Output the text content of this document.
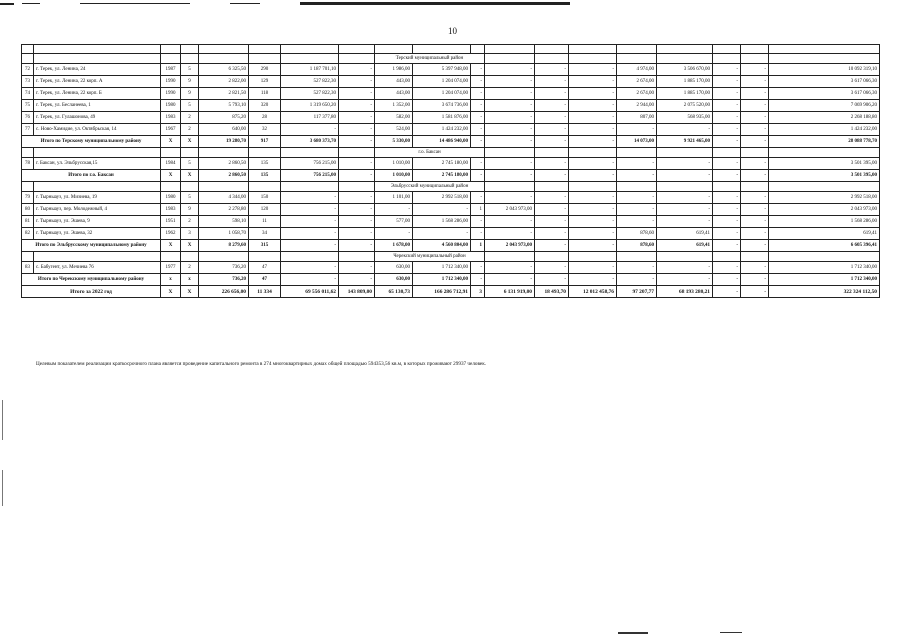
10

								Терский муниципальный район										
72	г. Терек, ул. Ленина, 24	1987	5	6 325,50	290	1 187 701,10	-	1 986,00	5 397 948,00	-	-	-	-	4 974,00	3 506 670,00	-	-	10 092 319,10
73	г. Терек, ул. Ленина, 22 корп. А	1990	9	2 822,00	129	527 822,30	-	443,00	1 204 074,00	-	-	-	-	2 674,00	1 885 170,00	-	-	3 617 066,30
74	г. Терек, ул. Ленина, 22 корп. Б	1990	9	2 821,50	118	527 822,30	-	443,00	1 204 074,00	-	-	-	-	2 674,00	1 885 170,00	-	-	3 617 066,30
75	г. Терек, ул. Бесланеева, 1	1980	5	5 793,10	320	1 319 650,20	-	1 352,00	3 674 736,00	-	-	-	-	2 944,00	2 075 520,00	-	-	7 069 906,20
76	г. Терек, ул. Гулашонова, 49	1983	2	875,20	28	117 377,80	-	582,00	1 581 876,00	-	-	-	-	807,00	568 935,00	-	-	2 268 188,80
77	с. Ново-Хамидие, ул. Октябрьская, 14	1967	2	640,00	32	-	-	524,00	1 424 232,00	-	-	-	-	-	-	-	-	1 424 232,00
Итого по Терскому муниципальному району		X	X	19 280,70	917	3 680 373,70	-	5 330,00	14 486 940,00	-	-	-	-	14 073,00	9 921 465,00	-	-	28 088 778,70
								г.о. Баксан										
78	г. Баксан, ул. Эльбрусская,15	1984	5	2 860,50	135	756 215,00	-	1 010,00	2 745 180,00	-	-	-	-	-	-	-	-	3 501 395,00
Итого по г.о. Баксан		X	X	2 860,50	135	756 215,00	-	1 010,00	2 745 180,00	-	-	-	-	-	-	-	-	3 501 395,00
								Эльбрусский муниципальный район										
79	г. Тырныауз, ул. Мизиева, 19	1980	5	4 344,00	150	-	-	1 101,00	2 992 518,00	-	-	-	-	-	-	-	-	2 992 518,00
80	г. Тырныауз, пер. Молодежный, 4	1983	9	2 278,80	120	-	-	-	-	1	2 043 973,00	-	-	-	-	-	-	2 043 973,00
81	г. Тырныауз, ул. Эшева, 9	1951	2	598,10	11	-	-	577,00	1 568 286,00	-	-	-	-	-	-	-	-	1 568 286,00
82	г. Тырныауз, ул. Эшева, 32	1962	3	1 058,70	34	-	-	-	-	-	-	-	-	878,60	619,41	-	-	619,41
Итого по Эльбрусскому муниципальному району		X	X	8 279,60	315	-	-	1 678,00	4 560 804,00	1	2 043 973,00	-	-	878,60	619,41	-	-	6 605 396,41
								Черекский муниципальный район										
83	с. Бабугент, ул. Мечиева 76	1977	2	736,20	47	-	-	630,00	1 712 340,00	-	-	-	-	-	-	-	-	1 712 340,00
Итого по Черекскому муниципальному району		x	x	736,20	47	-	-	630,00	1 712 340,00	-	-	-	-	-	-	-	-	1 712 340,00
Итого за 2022 год		X	X	226 656,00	11 334	69 556 011,62	143 809,00	65 130,73	166 286 712,91	3	6 131 919,00	18 493,70	12 012 458,76	97 207,77	68 193 280,21	-	-	322 324 112,50
Целевым показателем реализации краткосрочного плана является проведение капитального ремонта в 274 многоквартирных домах общей площадью 594353,56 кв.м, в которых проживают 29937 человек.
